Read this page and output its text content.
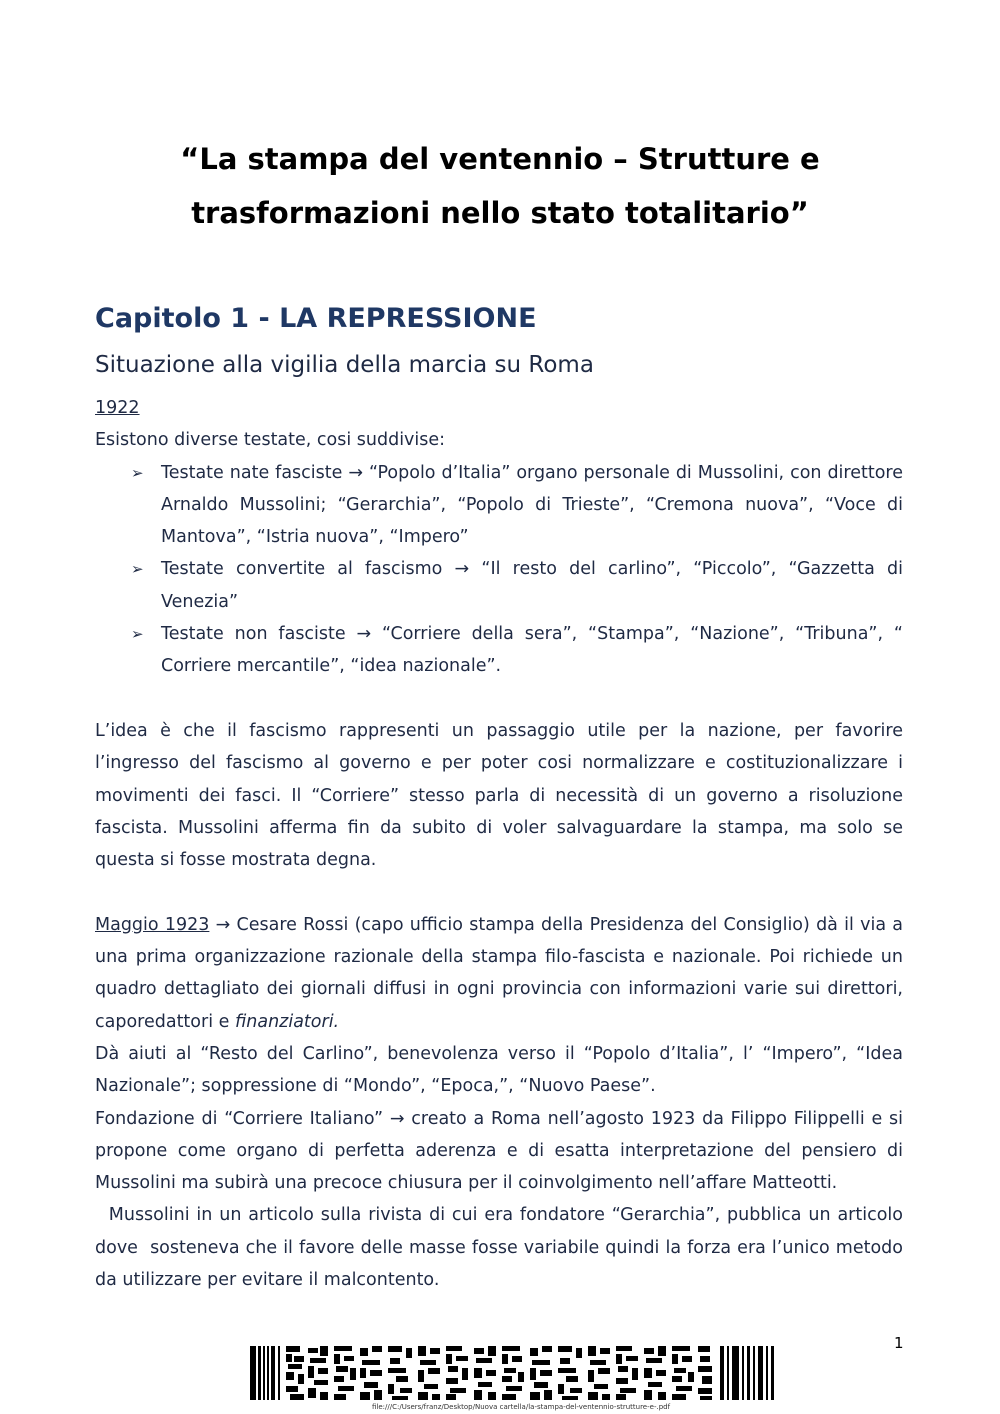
“La stampa del ventennio – Strutture e
trasformazioni nello stato totalitario”
Capitolo 1 - LA REPRESSIONE
Situazione alla vigilia della marcia su Roma
1922
Esistono diverse testate, cosi suddivise:
➢ Testate nate fasciste → “Popolo d’Italia” organo personale di Mussolini, con direttore Arnaldo Mussolini; “Gerarchia”, “Popolo di Trieste”, “Cremona nuova”, “Voce di Mantova”, “Istria nuova”, “Impero”
➢ Testate convertite al fascismo → “Il resto del carlino”, “Piccolo”, “Gazzetta di Venezia”
➢ Testate non fasciste → “Corriere della sera”, “Stampa”, “Nazione”, “Tribuna”, “ Corriere mercantile”, “idea nazionale”.
L’idea è che il fascismo rappresenti un passaggio utile per la nazione, per favorire l’ingresso del fascismo al governo e per poter cosi normalizzare e costituzionalizzare i movimenti dei fasci. Il “Corriere” stesso parla di necessità di un governo a risoluzione fascista. Mussolini afferma fin da subito di voler salvaguardare la stampa, ma solo se questa si fosse mostrata degna.
Maggio 1923 → Cesare Rossi (capo ufficio stampa della Presidenza del Consiglio) dà il via a una prima organizzazione razionale della stampa filo-fascista e nazionale. Poi richiede un quadro dettagliato dei giornali diffusi in ogni provincia con informazioni varie sui direttori, caporedattori e finanziatori.
Dà aiuti al “Resto del Carlino”, benevolenza verso il “Popolo d’Italia”, l’ “Impero”, “Idea Nazionale”; soppressione di “Mondo”, “Epoca,”, “Nuovo Paese”.
Fondazione di “Corriere Italiano” → creato a Roma nell’agosto 1923 da Filippo Filippelli e si propone come organo di perfetta aderenza e di esatta interpretazione del pensiero di Mussolini ma subirà una precoce chiusura per il coinvolgimento nell’affare Matteotti.
Mussolini in un articolo sulla rivista di cui era fondatore “Gerarchia”, pubblica un articolo dove  sosteneva che il favore delle masse fosse variabile quindi la forza era l’unico metodo da utilizzare per evitare il malcontento.
1
file:///C:/Users/franz/Desktop/Nuova cartella/la-stampa-del-ventennio-strutture-e-.pdf
